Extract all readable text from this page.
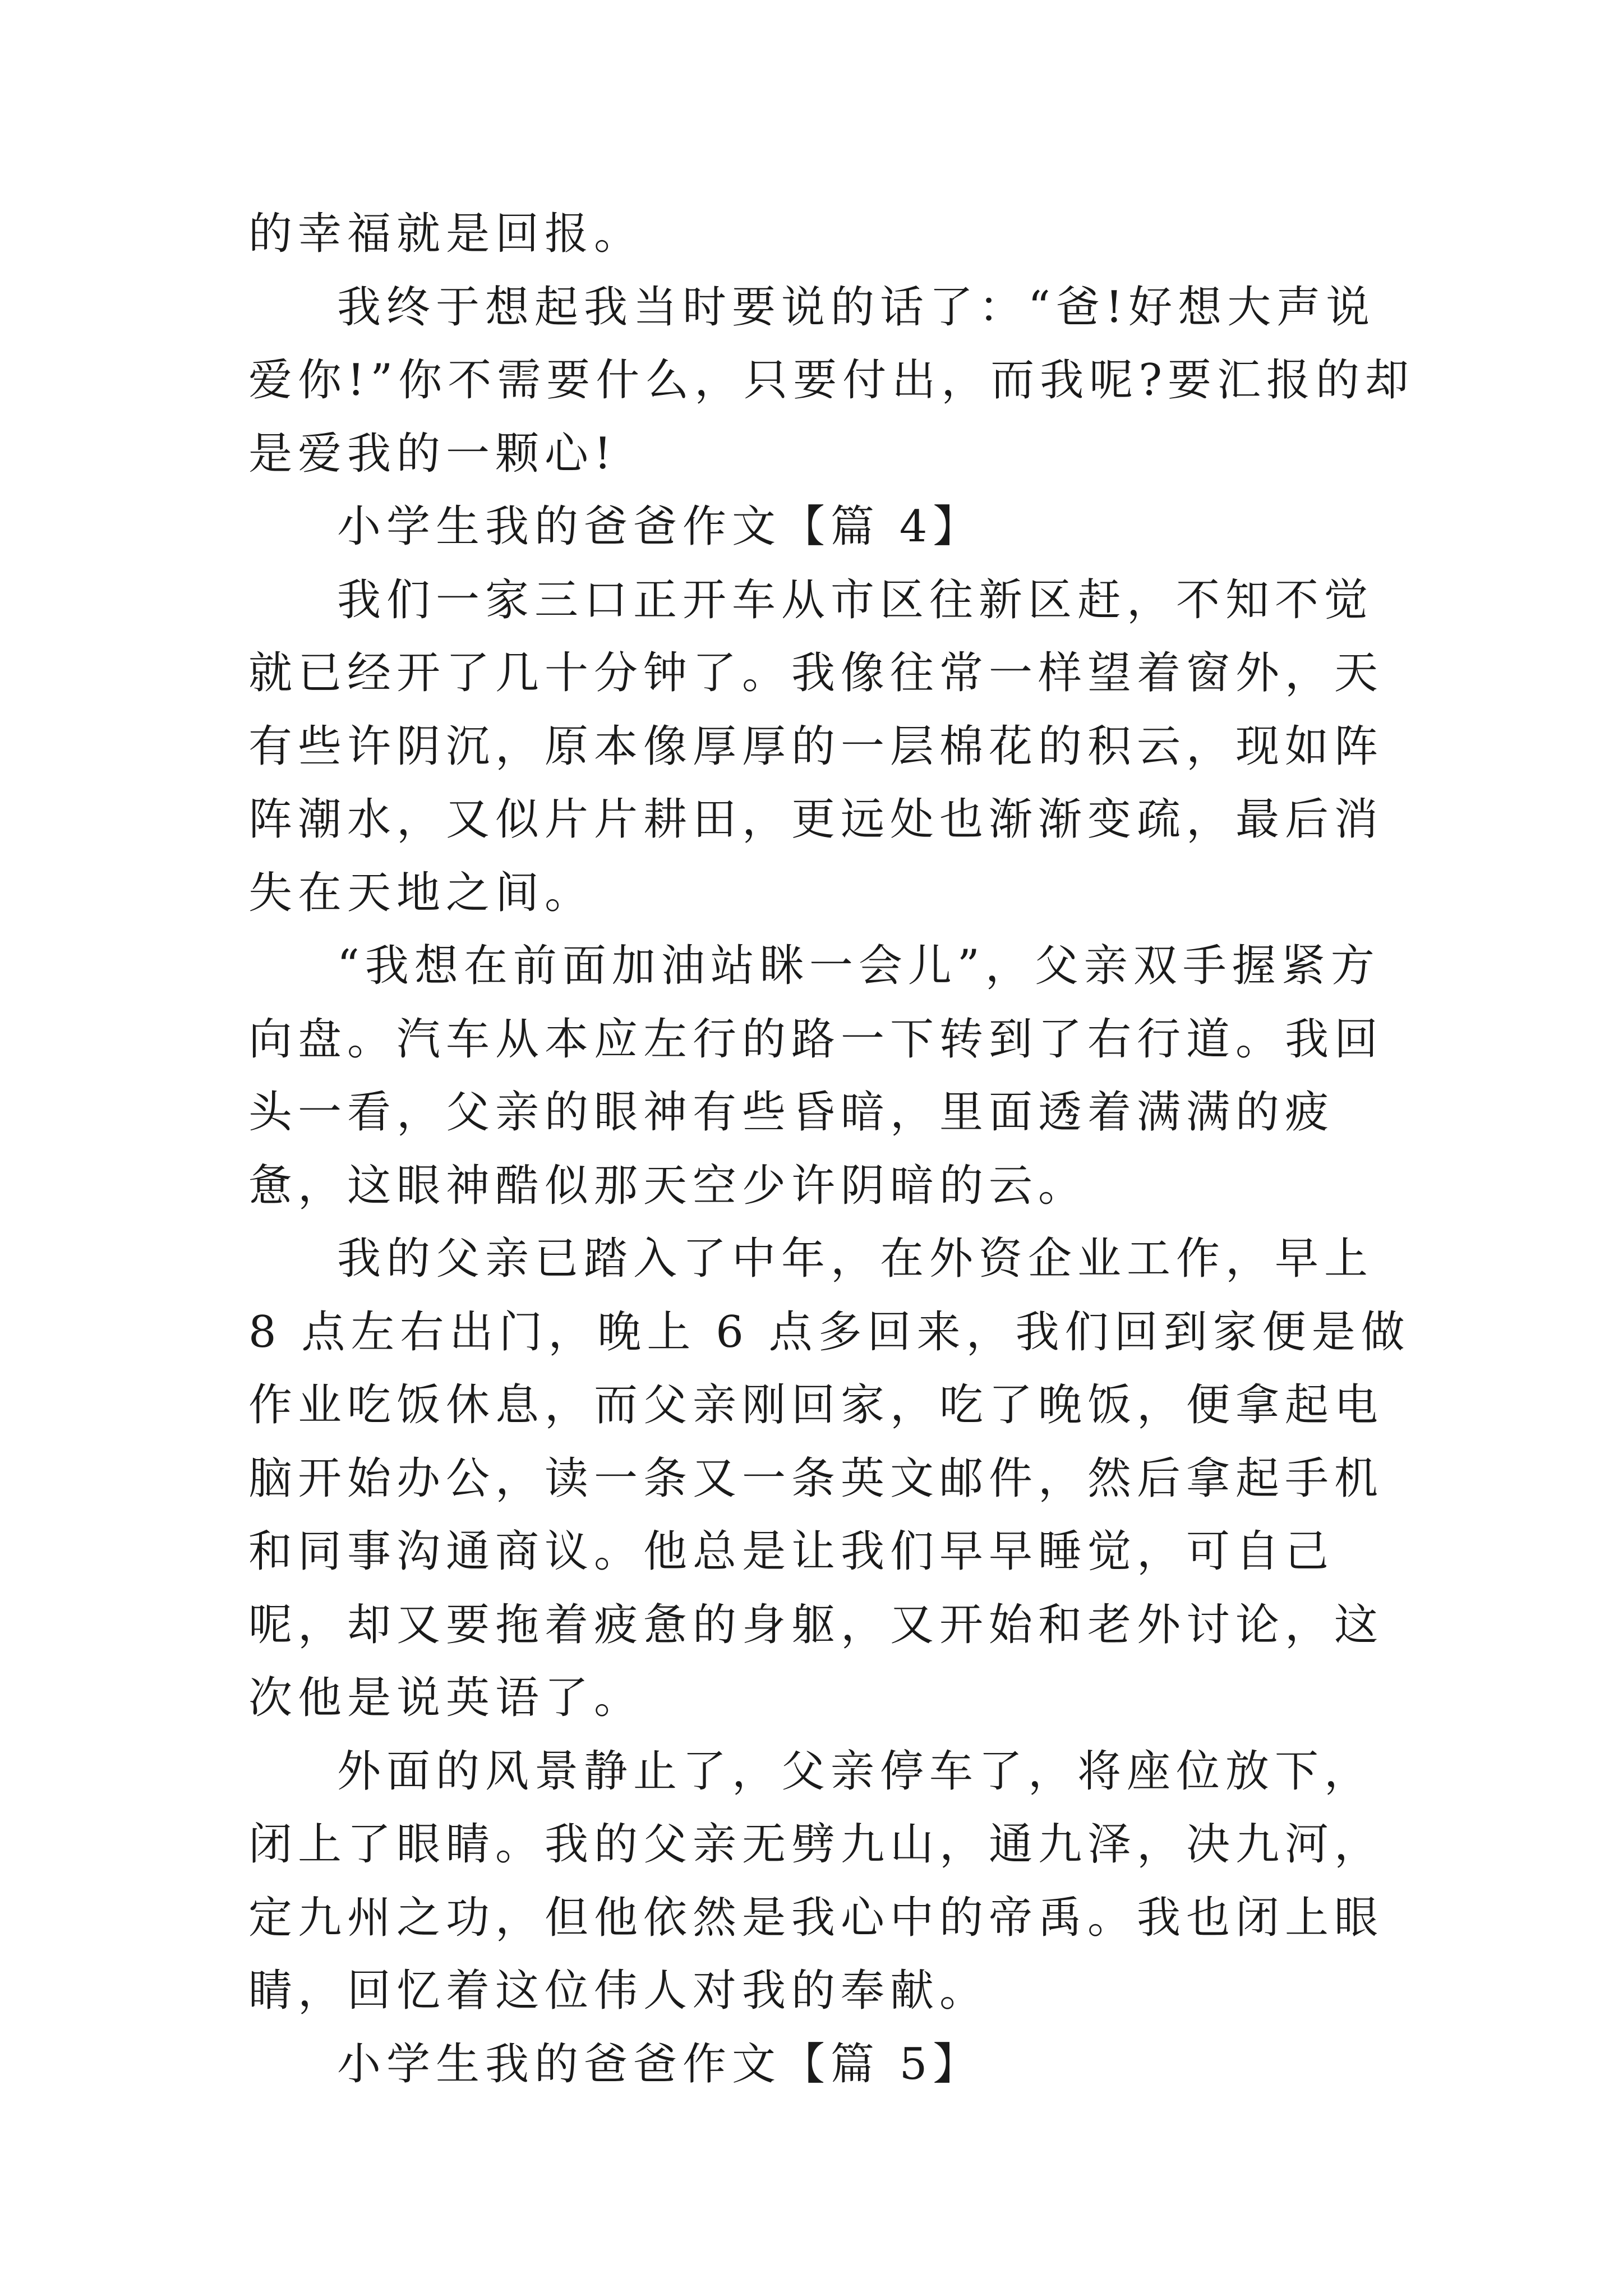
的幸福就是回报。

我终于想起我当时要说的话了：“爸!好想大声说爱你!”你不需要什么，只要付出，而我呢?要汇报的却是爱我的一颗心!

小学生我的爸爸作文【篇 4】

我们一家三口正开车从市区往新区赶，不知不觉就已经开了几十分钟了。我像往常一样望着窗外，天有些许阴沉，原本像厚厚的一层棉花的积云，现如阵阵潮水，又似片片耕田，更远处也渐渐变疏，最后消失在天地之间。

“我想在前面加油站眯一会儿”，父亲双手握紧方向盘。汽车从本应左行的路一下转到了右行道。我回头一看，父亲的眼神有些昏暗，里面透着满满的疲惫，这眼神酷似那天空少许阴暗的云。

我的父亲已踏入了中年，在外资企业工作，早上 8 点左右出门，晚上 6 点多回来，我们回到家便是做作业吃饭休息，而父亲刚回家，吃了晚饭，便拿起电脑开始办公，读一条又一条英文邮件，然后拿起手机和同事沟通商议。他总是让我们早早睡觉，可自己呢，却又要拖着疲惫的身躯，又开始和老外讨论，这次他是说英语了。

外面的风景静止了，父亲停车了，将座位放下，闭上了眼睛。我的父亲无劈九山，通九泽，决九河，定九州之功，但他依然是我心中的帝禹。我也闭上眼睛，回忆着这位伟人对我的奉献。

小学生我的爸爸作文【篇 5】
